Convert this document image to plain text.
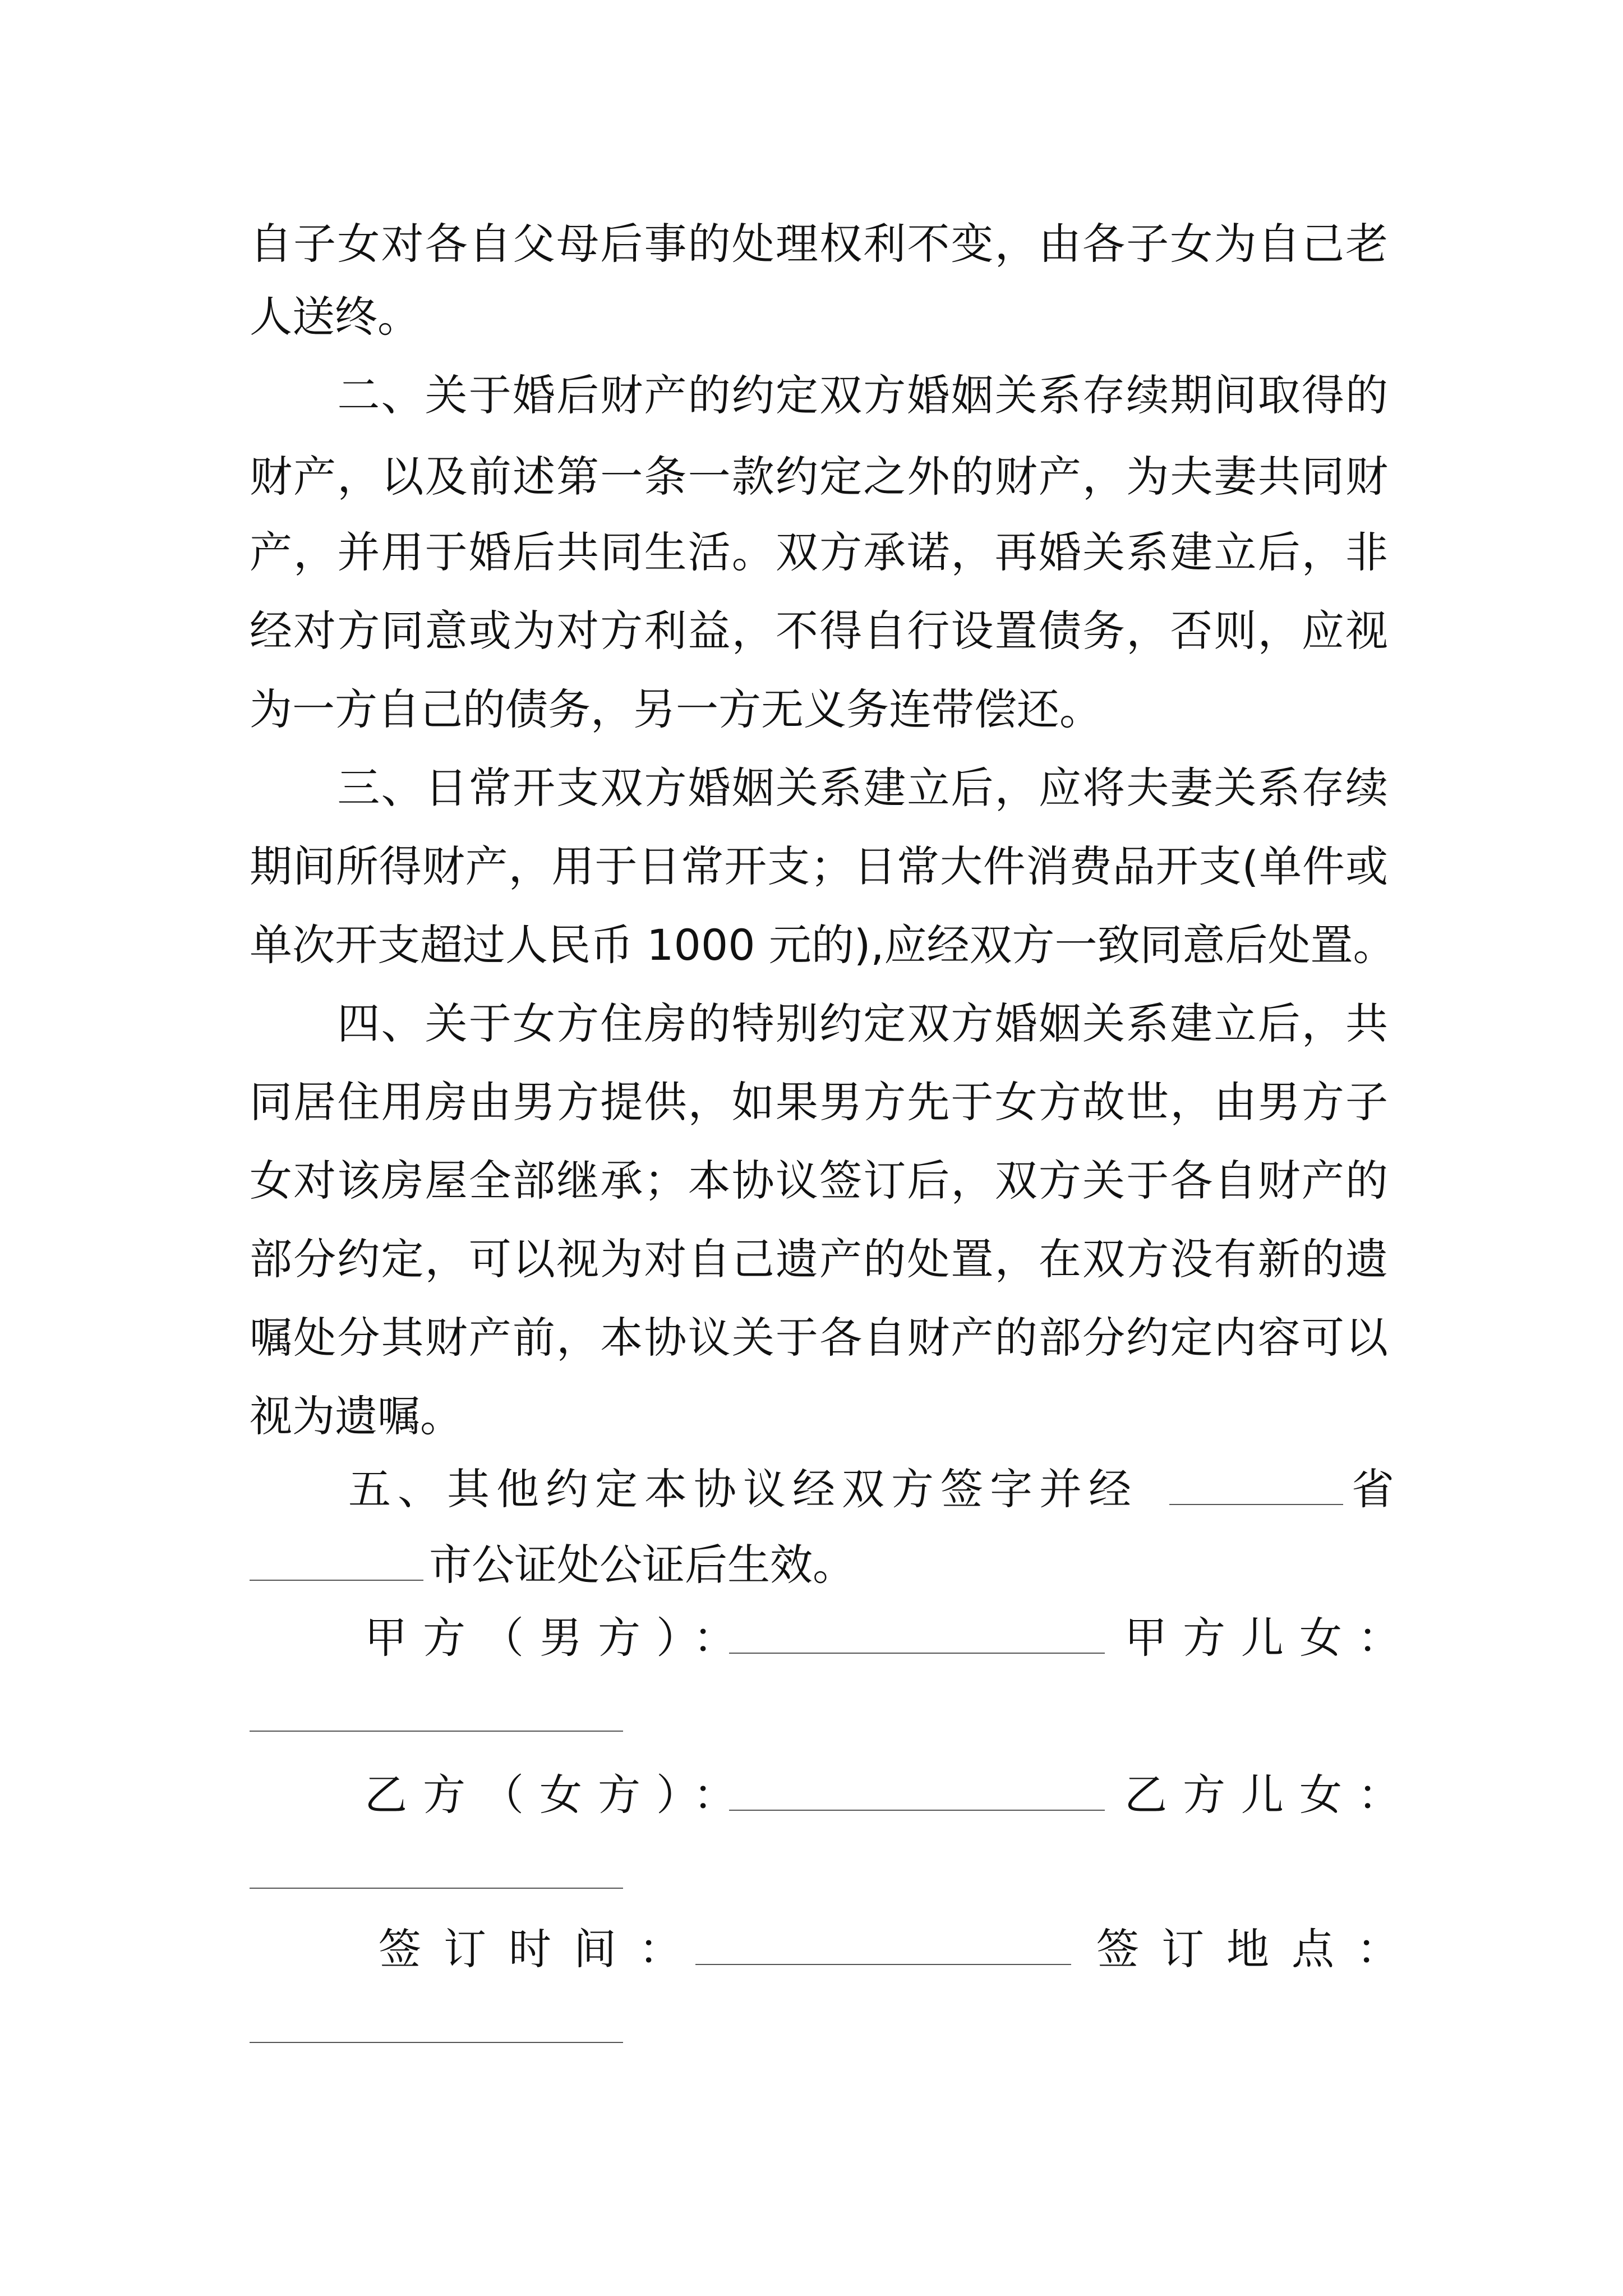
自子女对各自父母后事的处理权利不变，由各子女为自己老
人送终。
　　二、关于婚后财产的约定双方婚姻关系存续期间取得的
财产，以及前述第一条一款约定之外的财产，为夫妻共同财
产，并用于婚后共同生活。双方承诺，再婚关系建立后，非
经对方同意或为对方利益，不得自行设置债务，否则，应视
为一方自己的债务，另一方无义务连带偿还。
　　三、日常开支双方婚姻关系建立后，应将夫妻关系存续
期间所得财产，用于日常开支；日常大件消费品开支(单件或
单次开支超过人民币 1000 元的),应经双方一致同意后处置。
　　四、关于女方住房的特别约定双方婚姻关系建立后，共
同居住用房由男方提供，如果男方先于女方故世，由男方子
女对该房屋全部继承；本协议签订后，双方关于各自财产的
部分约定，可以视为对自己遗产的处置，在双方没有新的遗
嘱处分其财产前，本协议关于各自财产的部分约定内容可以
视为遗嘱。
　　五、其他约定本协议经双方签字并经	省
市公证处公证后生效。
甲方（男方）：	甲方儿女：
乙方（女方）：	乙方儿女：
签订时间：	签订地点：
